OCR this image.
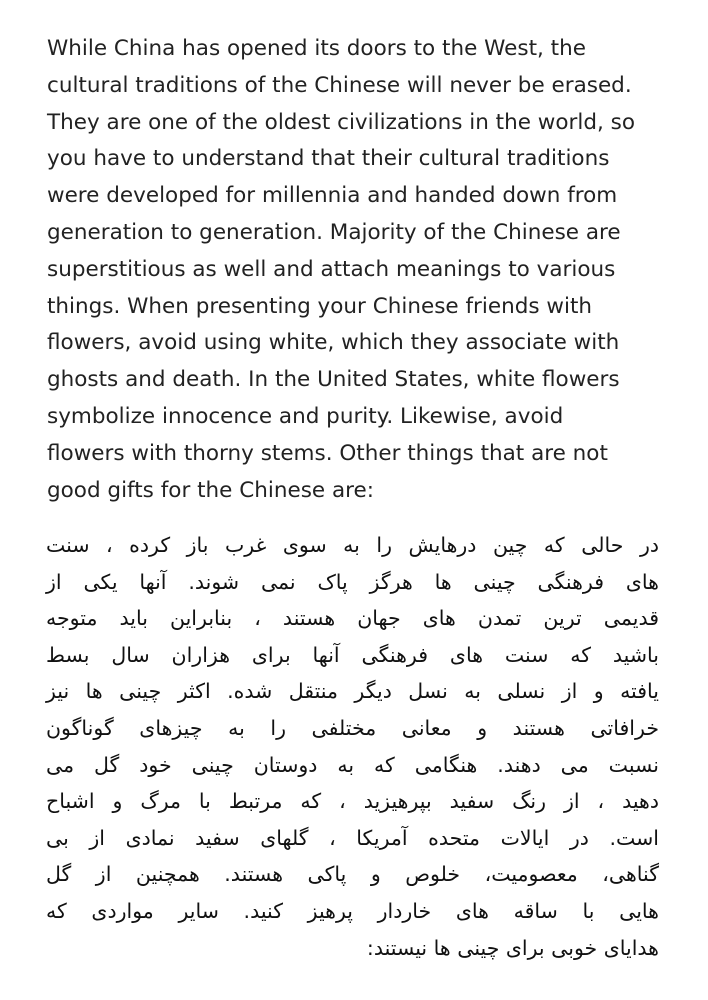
While China has opened its doors to the West, the
cultural traditions of the Chinese will never be erased.
They are one of the oldest civilizations in the world, so
you have to understand that their cultural traditions
were developed for millennia and handed down from
generation to generation. Majority of the Chinese are
superstitious as well and attach meanings to various
things. When presenting your Chinese friends with
flowers, avoid using white, which they associate with
ghosts and death. In the United States, white flowers
symbolize innocence and purity. Likewise, avoid
flowers with thorny stems. Other things that are not
good gifts for the Chinese are:

در حالی که چین درهایش را به سوی غرب باز کرده ، سنت
های فرهنگی چینی ها هرگز پاک نمی شوند. آنها یکی از
قدیمی ترین تمدن های جهان هستند ، بنابراین باید متوجه
باشید که سنت های فرهنگی آنها برای هزاران سال بسط
یافته و از نسلی به نسل دیگر منتقل شده. اکثر چینی ها نیز
خرافاتی هستند و معانی مختلفی را به چیزهای گوناگون
نسبت می دهند. هنگامی که به دوستان چینی خود گل می
دهید ، از رنگ سفید بپرهیزید ، که مرتبط با مرگ و اشباح
است. در ایالات متحده آمریکا ، گلهای سفید نمادی از بی
گناهی، معصومیت، خلوص و پاکی هستند. همچنین از گل
هایی با ساقه های خاردار پرهیز کنید. سایر مواردی که
هدایای خوبی برای چینی ها نیستند:
